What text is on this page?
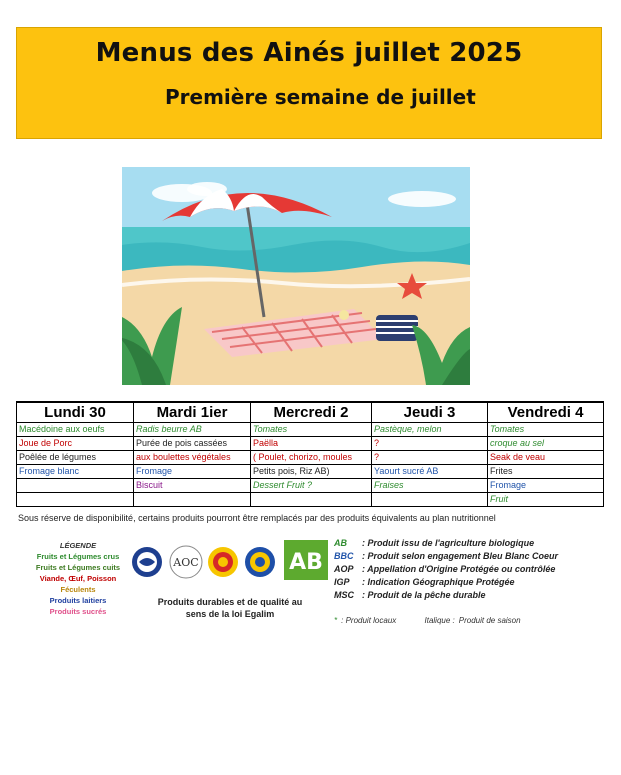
Menus des Ainés juillet 2025
Première semaine de juillet
Lundi 30	Mardi 1ier	Mercredi 2	Jeudi 3	Vendredi 4
Macédoine aux oeufs	Radis beurre AB	Tomates	Pastèque, melon	Tomates
Joue de Porc	Purée de pois cassées	Paëlla	?	croque au sel
Poêlée de légumes	aux boulettes végétales	( Poulet, chorizo, moules	?	Seak de veau
Fromage blanc	Fromage	Petits pois, Riz AB)	Yaourt sucré AB	Frites
	Biscuit	Dessert Fruit ?	Fraises	Fromage
				Fruit
Sous réserve de disponibilité, certains produits pourront être remplacés par des produits équivalents au plan nutritionnel
LÉGENDE
Fruits et Légumes crus
Fruits et Légumes cuits
Viande, Œuf, Poisson
Féculents
Produits laitiers
Produits sucrés
AOC	AB
Produits durables et de qualité au sens de la loi Egalim
AB : Produit issu de l'agriculture biologique
BBC : Produit selon engagement Bleu Blanc Coeur
AOP : Appellation d'Origine Protégée ou contrôlée
IGP : Indication Géographique Protégée
MSC : Produit de la pêche durable
* : Produit locaux	Italique : Produit de saison
